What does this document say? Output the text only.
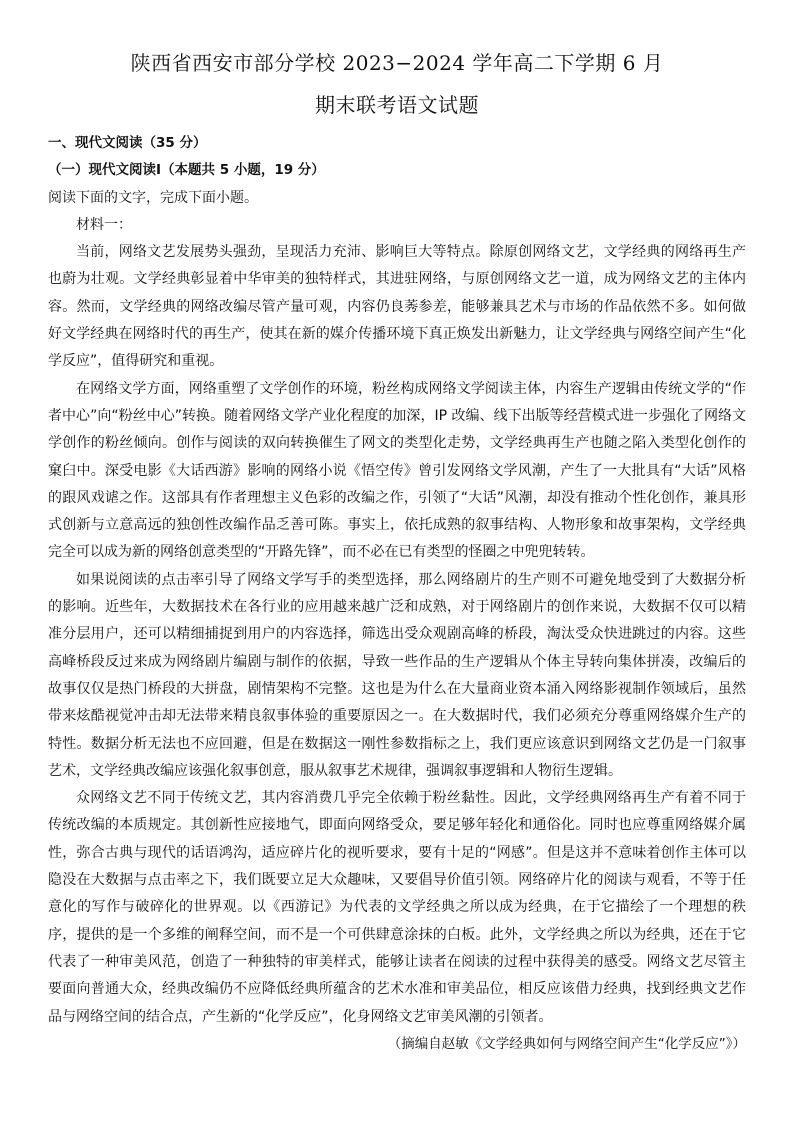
陕西省西安市部分学校 2023−2024 学年高二下学期 6 月
期末联考语文试题

一、现代文阅读（35 分）

（一）现代文阅读Ⅰ（本题共 5 小题，19 分）

阅读下面的文字，完成下面小题。

材料一：

当前，网络文艺发展势头强劲，呈现活力充沛、影响巨大等特点。除原创网络文艺，文学经典的网络再生产也蔚为壮观。文学经典彰显着中华审美的独特样式，其进驻网络，与原创网络文艺一道，成为网络文艺的主体内容。然而，文学经典的网络改编尽管产量可观，内容仍良莠参差，能够兼具艺术与市场的作品依然不多。如何做好文学经典在网络时代的再生产，使其在新的媒介传播环境下真正焕发出新魅力，让文学经典与网络空间产生“化学反应”，值得研究和重视。

在网络文学方面，网络重塑了文学创作的环境，粉丝构成网络文学阅读主体，内容生产逻辑由传统文学的“作者中心”向“粉丝中心”转换。随着网络文学产业化程度的加深，IP 改编、线下出版等经营模式进一步强化了网络文学创作的粉丝倾向。创作与阅读的双向转换催生了网文的类型化走势，文学经典再生产也随之陷入类型化创作的窠臼中。深受电影《大话西游》影响的网络小说《悟空传》曾引发网络文学风潮，产生了一大批具有“大话”风格的跟风戏谑之作。这部具有作者理想主义色彩的改编之作，引领了“大话”风潮，却没有推动个性化创作，兼具形式创新与立意高远的独创性改编作品乏善可陈。事实上，依托成熟的叙事结构、人物形象和故事架构，文学经典完全可以成为新的网络创意类型的“开路先锋”，而不必在已有类型的怪圈之中兜兜转转。

如果说阅读的点击率引导了网络文学写手的类型选择，那么网络剧片的生产则不可避免地受到了大数据分析的影响。近些年，大数据技术在各行业的应用越来越广泛和成熟，对于网络剧片的创作来说，大数据不仅可以精准分层用户，还可以精细捕捉到用户的内容选择，筛选出受众观剧高峰的桥段，淘汰受众快进跳过的内容。这些高峰桥段反过来成为网络剧片编剧与制作的依据，导致一些作品的生产逻辑从个体主导转向集体拼凑，改编后的故事仅仅是热门桥段的大拼盘，剧情架构不完整。这也是为什么在大量商业资本涌入网络影视制作领域后，虽然带来炫酷视觉冲击却无法带来精良叙事体验的重要原因之一。在大数据时代，我们必须充分尊重网络媒介生产的特性。数据分析无法也不应回避，但是在数据这一刚性参数指标之上，我们更应该意识到网络文艺仍是一门叙事艺术，文学经典改编应该强化叙事创意，服从叙事艺术规律，强调叙事逻辑和人物衍生逻辑。

众网络文艺不同于传统文艺，其内容消费几乎完全依赖于粉丝黏性。因此，文学经典网络再生产有着不同于传统改编的本质规定。其创新性应接地气，即面向网络受众，要足够年轻化和通俗化。同时也应尊重网络媒介属性，弥合古典与现代的话语鸿沟，适应碎片化的视听要求，要有十足的“网感”。但是这并不意味着创作主体可以隐没在大数据与点击率之下，我们既要立足大众趣味，又要倡导价值引领。网络碎片化的阅读与观看，不等于任意化的写作与破碎化的世界观。以《西游记》为代表的文学经典之所以成为经典，在于它描绘了一个理想的秩序，提供的是一个多维的阐释空间，而不是一个可供肆意涂抹的白板。此外，文学经典之所以为经典，还在于它代表了一种审美风范，创造了一种独特的审美样式，能够让读者在阅读的过程中获得美的感受。网络文艺尽管主要面向普通大众，经典改编仍不应降低经典所蕴含的艺术水准和审美品位，相反应该借力经典，找到经典文艺作品与网络空间的结合点，产生新的“化学反应”，化身网络文艺审美风潮的引领者。

（摘编自赵敏《文学经典如何与网络空间产生“化学反应”》）
